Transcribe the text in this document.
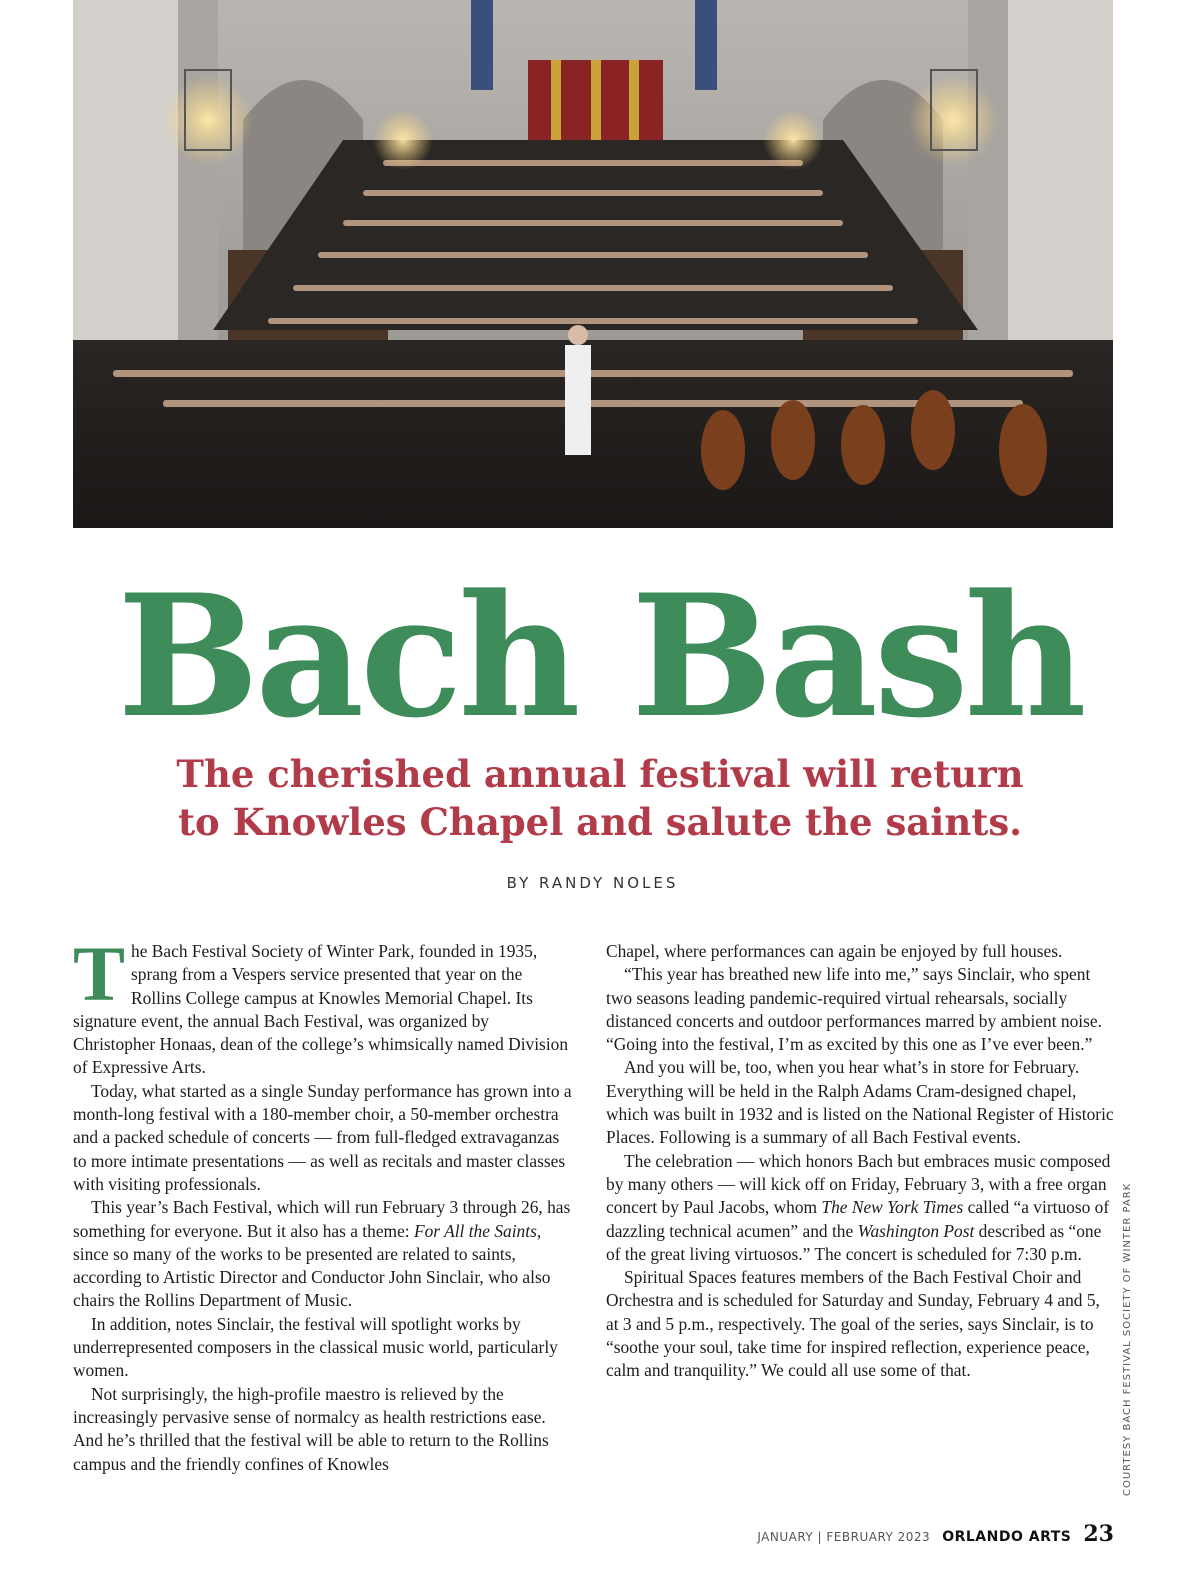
Bach Bash
The cherished annual festival will return
to Knowles Chapel and salute the saints.
BY RANDY NOLES

The Bach Festival Society of Winter Park, founded in 1935, sprang from a Vespers service presented that year on the Rollins College campus at Knowles Memorial Chapel. Its signature event, the annual Bach Festival, was organized by Christopher Honaas, dean of the college’s whimsically named Division of Expressive Arts.

Today, what started as a single Sunday performance has grown into a month-long festival with a 180-member choir, a 50-member orchestra and a packed schedule of concerts — from full-fledged extravaganzas to more intimate presentations — as well as recitals and master classes with visiting professionals.

This year’s Bach Festival, which will run February 3 through 26, has something for everyone. But it also has a theme: For All the Saints, since so many of the works to be presented are related to saints, according to Artistic Director and Conductor John Sinclair, who also chairs the Rollins Department of Music.

In addition, notes Sinclair, the festival will spotlight works by underrepresented composers in the classical music world, particularly women.

Not surprisingly, the high-profile maestro is relieved by the increasingly pervasive sense of normalcy as health restrictions ease. And he’s thrilled that the festival will be able to return to the Rollins campus and the friendly confines of Knowles

Chapel, where performances can again be enjoyed by full houses.

“This year has breathed new life into me,” says Sinclair, who spent two seasons leading pandemic-required virtual rehearsals, socially distanced concerts and outdoor performances marred by ambient noise. “Going into the festival, I’m as excited by this one as I’ve ever been.”

And you will be, too, when you hear what’s in store for February. Everything will be held in the Ralph Adams Cram-designed chapel, which was built in 1932 and is listed on the National Register of Historic Places. Following is a summary of all Bach Festival events.

The celebration — which honors Bach but embraces music composed by many others — will kick off on Friday, February 3, with a free organ concert by Paul Jacobs, whom The New York Times called “a virtuoso of dazzling technical acumen” and the Washington Post described as “one of the great living virtuosos.” The concert is scheduled for 7:30 p.m.

Spiritual Spaces features members of the Bach Festival Choir and Orchestra and is scheduled for Saturday and Sunday, February 4 and 5, at 3 and 5 p.m., respectively. The goal of the series, says Sinclair, is to “soothe your soul, take time for inspired reflection, experience peace, calm and tranquility.” We could all use some of that.	COURTESY BACH FESTIVAL SOCIETY OF WINTER PARK
JANUARY | FEBRUARY 2023 ORLANDO ARTS 23
